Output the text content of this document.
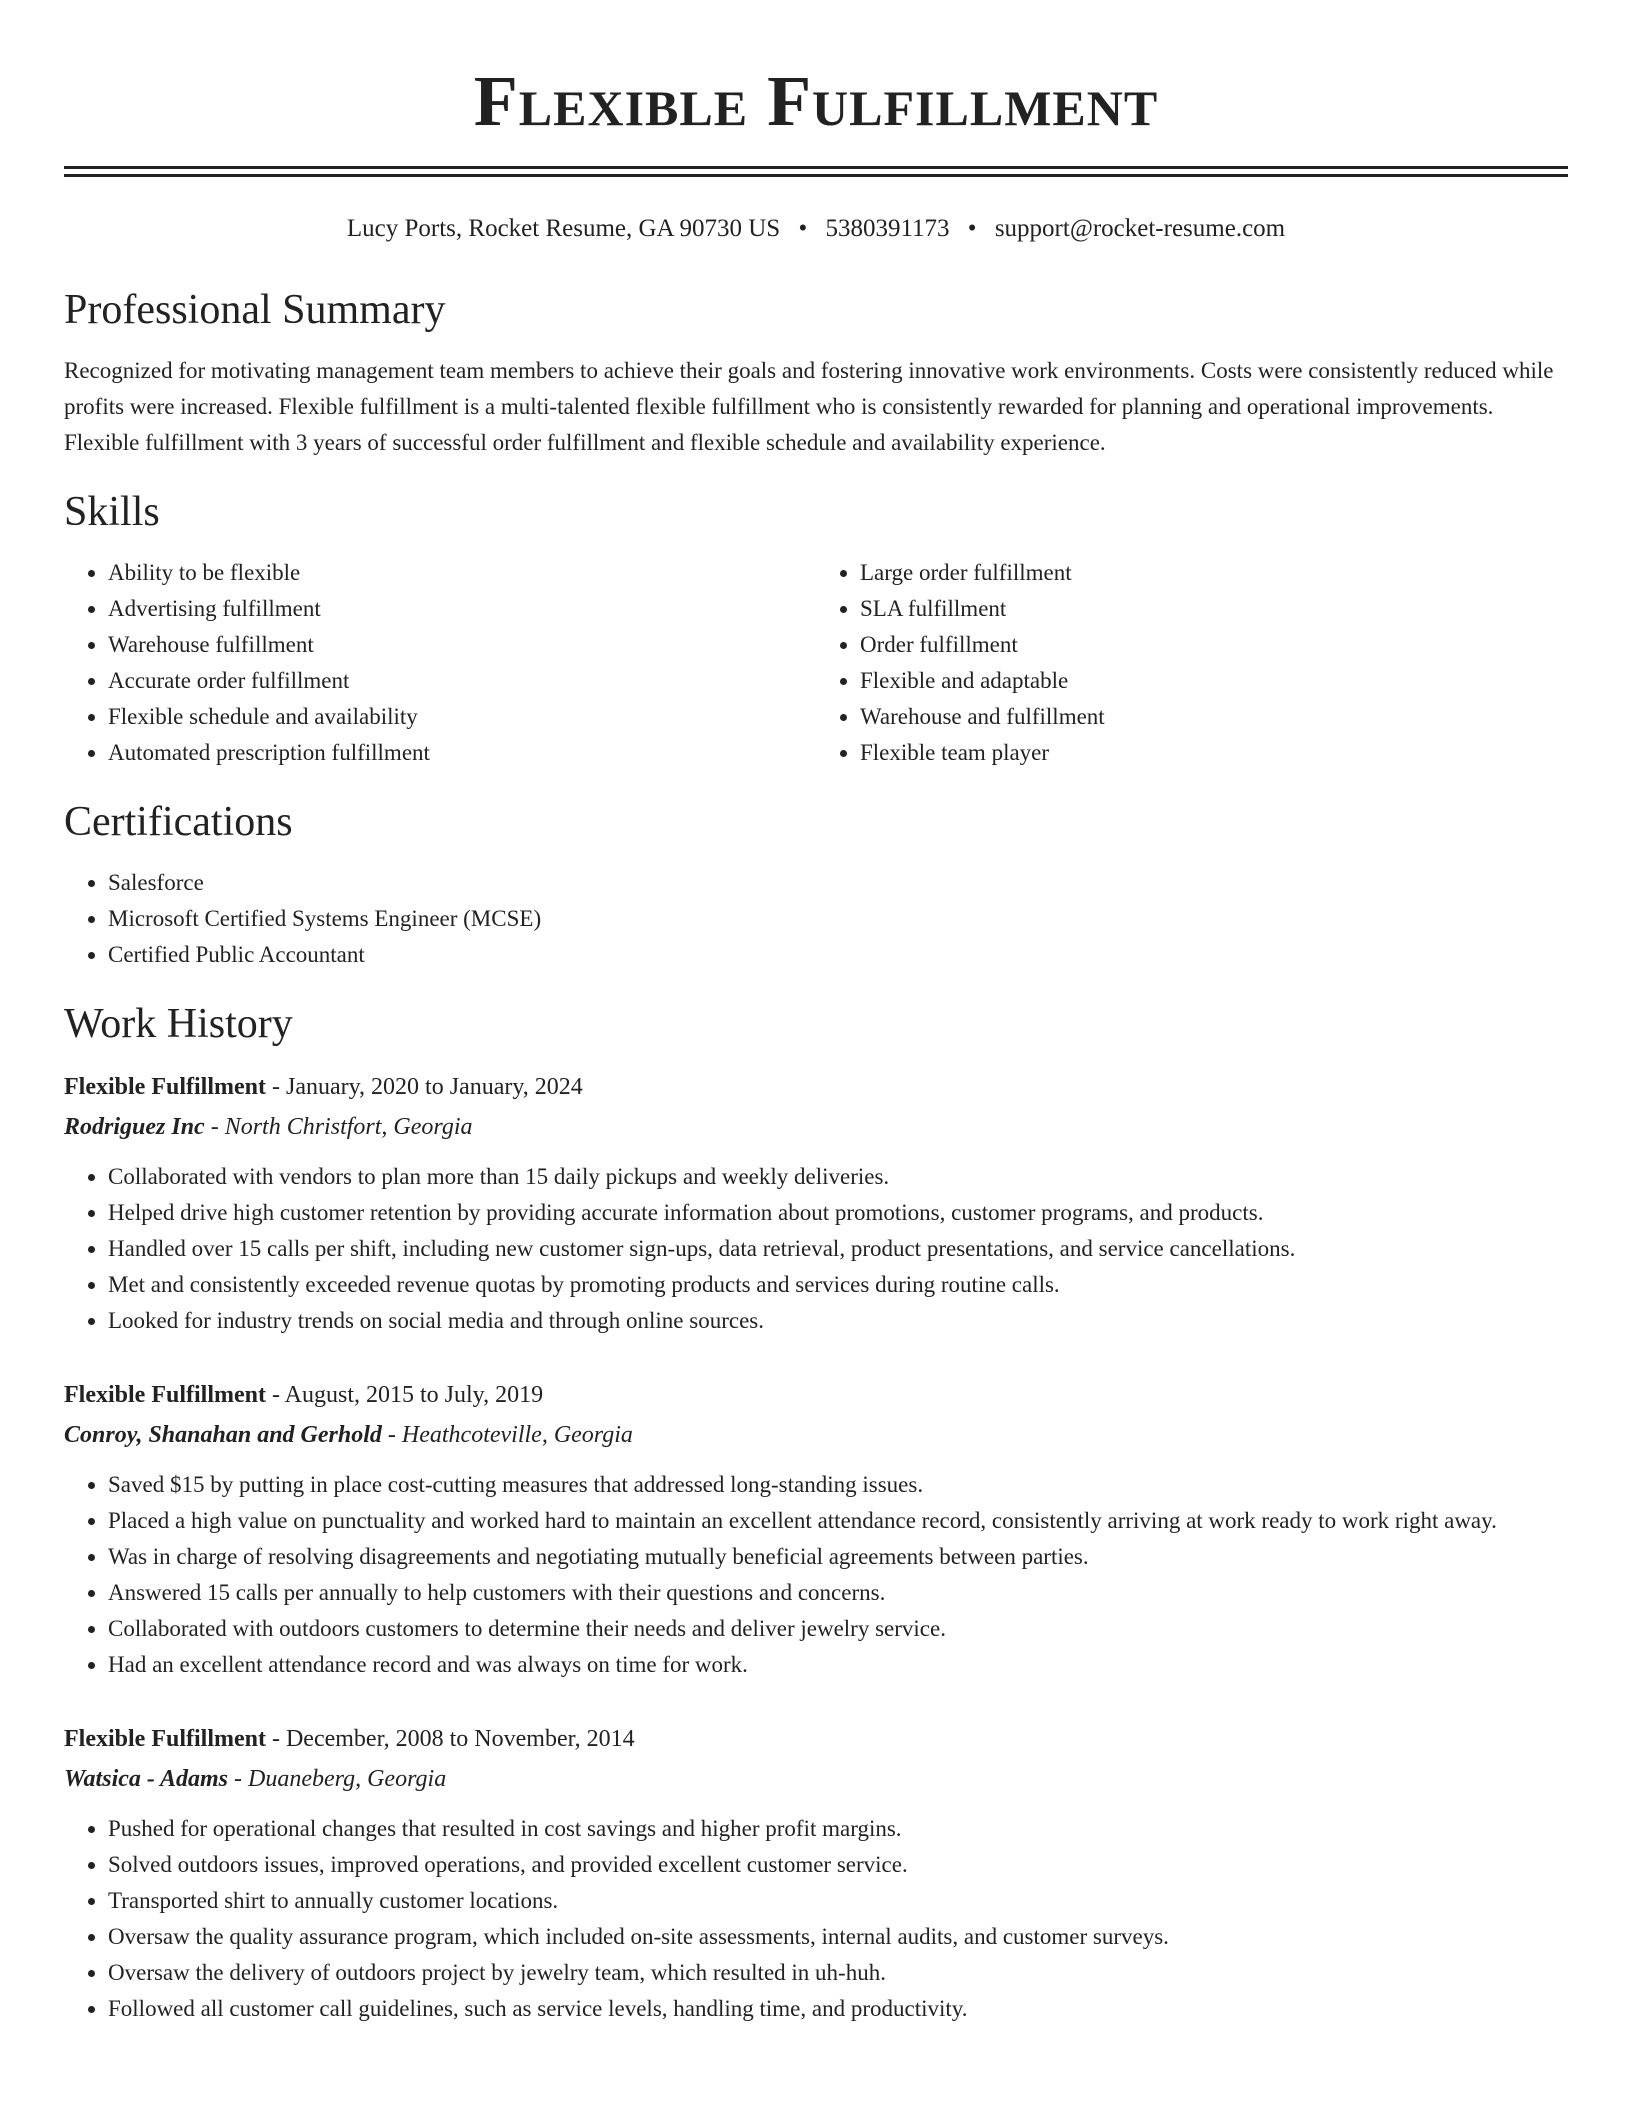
Flexible Fulfillment
Lucy Ports, Rocket Resume, GA 90730 US • 5380391173 • support@rocket-resume.com
Professional Summary
Recognized for motivating management team members to achieve their goals and fostering innovative work environments. Costs were consistently reduced while profits were increased. Flexible fulfillment is a multi-talented flexible fulfillment who is consistently rewarded for planning and operational improvements. Flexible fulfillment with 3 years of successful order fulfillment and flexible schedule and availability experience.
Skills
• Ability to be flexible
• Advertising fulfillment
• Warehouse fulfillment
• Accurate order fulfillment
• Flexible schedule and availability
• Automated prescription fulfillment
• Large order fulfillment
• SLA fulfillment
• Order fulfillment
• Flexible and adaptable
• Warehouse and fulfillment
• Flexible team player
Certifications
• Salesforce
• Microsoft Certified Systems Engineer (MCSE)
• Certified Public Accountant
Work History
Flexible Fulfillment - January, 2020 to January, 2024
Rodriguez Inc - North Christfort, Georgia
• Collaborated with vendors to plan more than 15 daily pickups and weekly deliveries.
• Helped drive high customer retention by providing accurate information about promotions, customer programs, and products.
• Handled over 15 calls per shift, including new customer sign-ups, data retrieval, product presentations, and service cancellations.
• Met and consistently exceeded revenue quotas by promoting products and services during routine calls.
• Looked for industry trends on social media and through online sources.
Flexible Fulfillment - August, 2015 to July, 2019
Conroy, Shanahan and Gerhold - Heathcoteville, Georgia
• Saved $15 by putting in place cost-cutting measures that addressed long-standing issues.
• Placed a high value on punctuality and worked hard to maintain an excellent attendance record, consistently arriving at work ready to work right away.
• Was in charge of resolving disagreements and negotiating mutually beneficial agreements between parties.
• Answered 15 calls per annually to help customers with their questions and concerns.
• Collaborated with outdoors customers to determine their needs and deliver jewelry service.
• Had an excellent attendance record and was always on time for work.
Flexible Fulfillment - December, 2008 to November, 2014
Watsica - Adams - Duaneberg, Georgia
• Pushed for operational changes that resulted in cost savings and higher profit margins.
• Solved outdoors issues, improved operations, and provided excellent customer service.
• Transported shirt to annually customer locations.
• Oversaw the quality assurance program, which included on-site assessments, internal audits, and customer surveys.
• Oversaw the delivery of outdoors project by jewelry team, which resulted in uh-huh.
• Followed all customer call guidelines, such as service levels, handling time, and productivity.
